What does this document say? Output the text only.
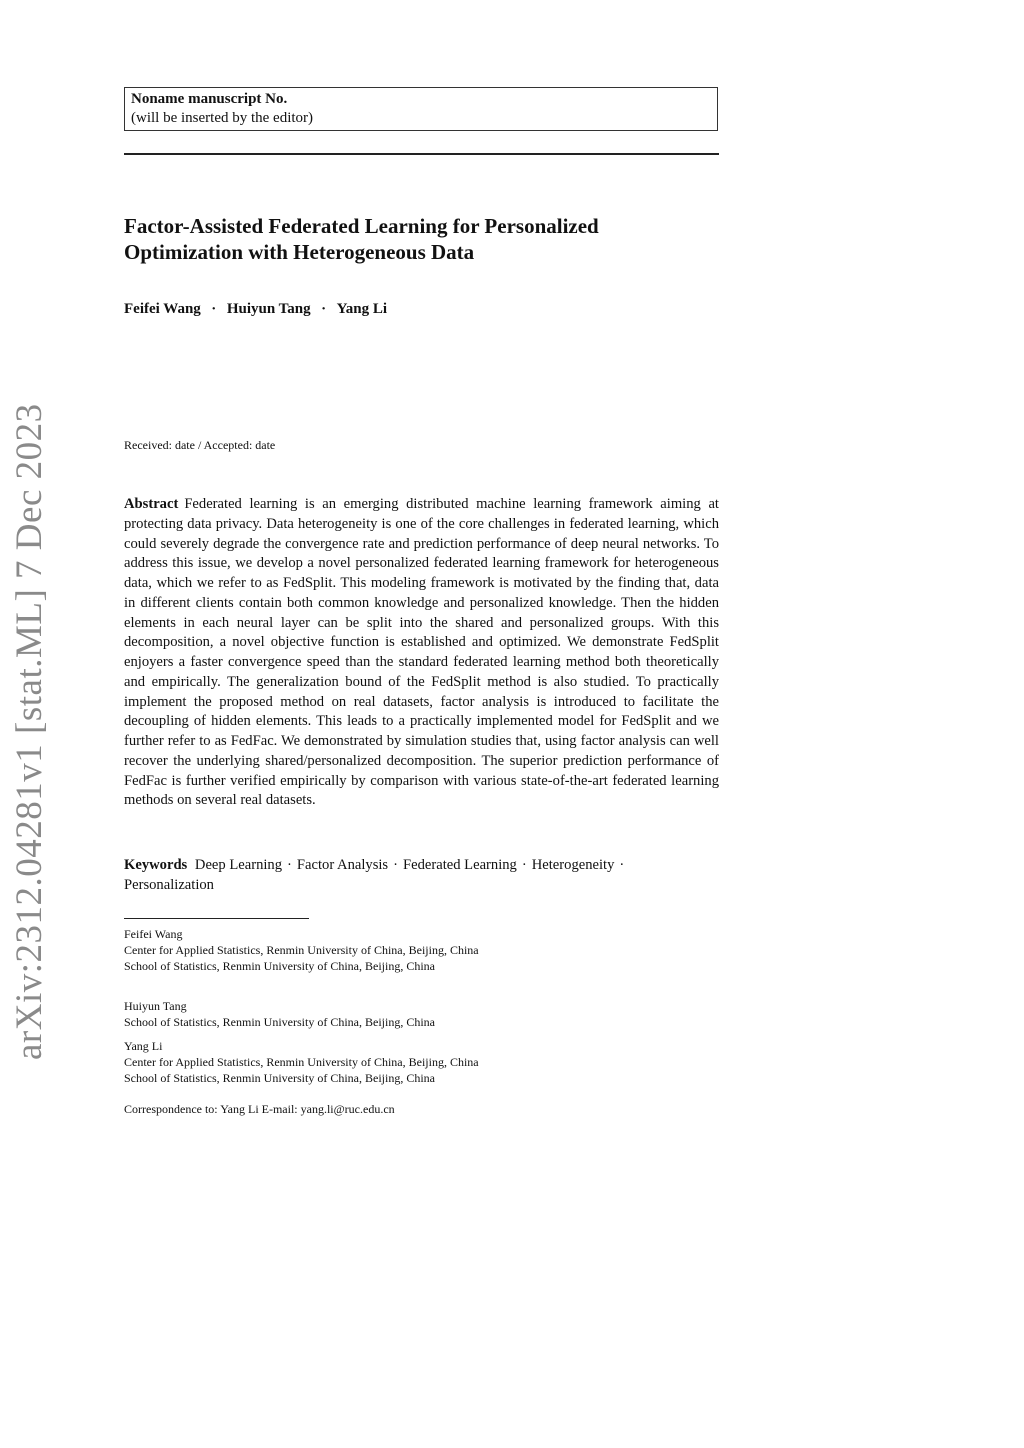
Noname manuscript No.
(will be inserted by the editor)
Factor-Assisted Federated Learning for Personalized
Optimization with Heterogeneous Data
Feifei Wang · Huiyun Tang · Yang Li
Received: date / Accepted: date

Abstract Federated learning is an emerging distributed machine learning framework aiming at protecting data privacy. Data heterogeneity is one of the core challenges in federated learning, which could severely degrade the convergence rate and prediction performance of deep neural networks. To address this issue, we develop a novel personalized federated learning framework for heterogeneous data, which we refer to as FedSplit. This modeling framework is motivated by the finding that, data in different clients contain both common knowledge and personalized knowledge. Then the hidden elements in each neural layer can be split into the shared and personalized groups. With this decomposition, a novel objective function is established and optimized. We demonstrate FedSplit enjoyers a faster convergence speed than the standard federated learning method both theoretically and empirically. The generalization bound of the FedSplit method is also studied. To practically implement the proposed method on real datasets, factor analysis is introduced to facilitate the decoupling of hidden elements. This leads to a practically implemented model for FedSplit and we further refer to as FedFac. We demonstrated by simulation studies that, using factor analysis can well recover the underlying shared/personalized decomposition. The superior prediction performance of FedFac is further verified empirically by comparison with various state-of-the-art federated learning methods on several real datasets.

Keywords Deep Learning · Factor Analysis · Federated Learning · Heterogeneity ·
Personalization
Feifei Wang
Center for Applied Statistics, Renmin University of China, Beijing, China
School of Statistics, Renmin University of China, Beijing, China
Huiyun Tang
School of Statistics, Renmin University of China, Beijing, China
Yang Li
Center for Applied Statistics, Renmin University of China, Beijing, China
School of Statistics, Renmin University of China, Beijing, China
Correspondence to: Yang Li E-mail: yang.li@ruc.edu.cn
arXiv:2312.04281v1 [stat.ML] 7 Dec 2023
